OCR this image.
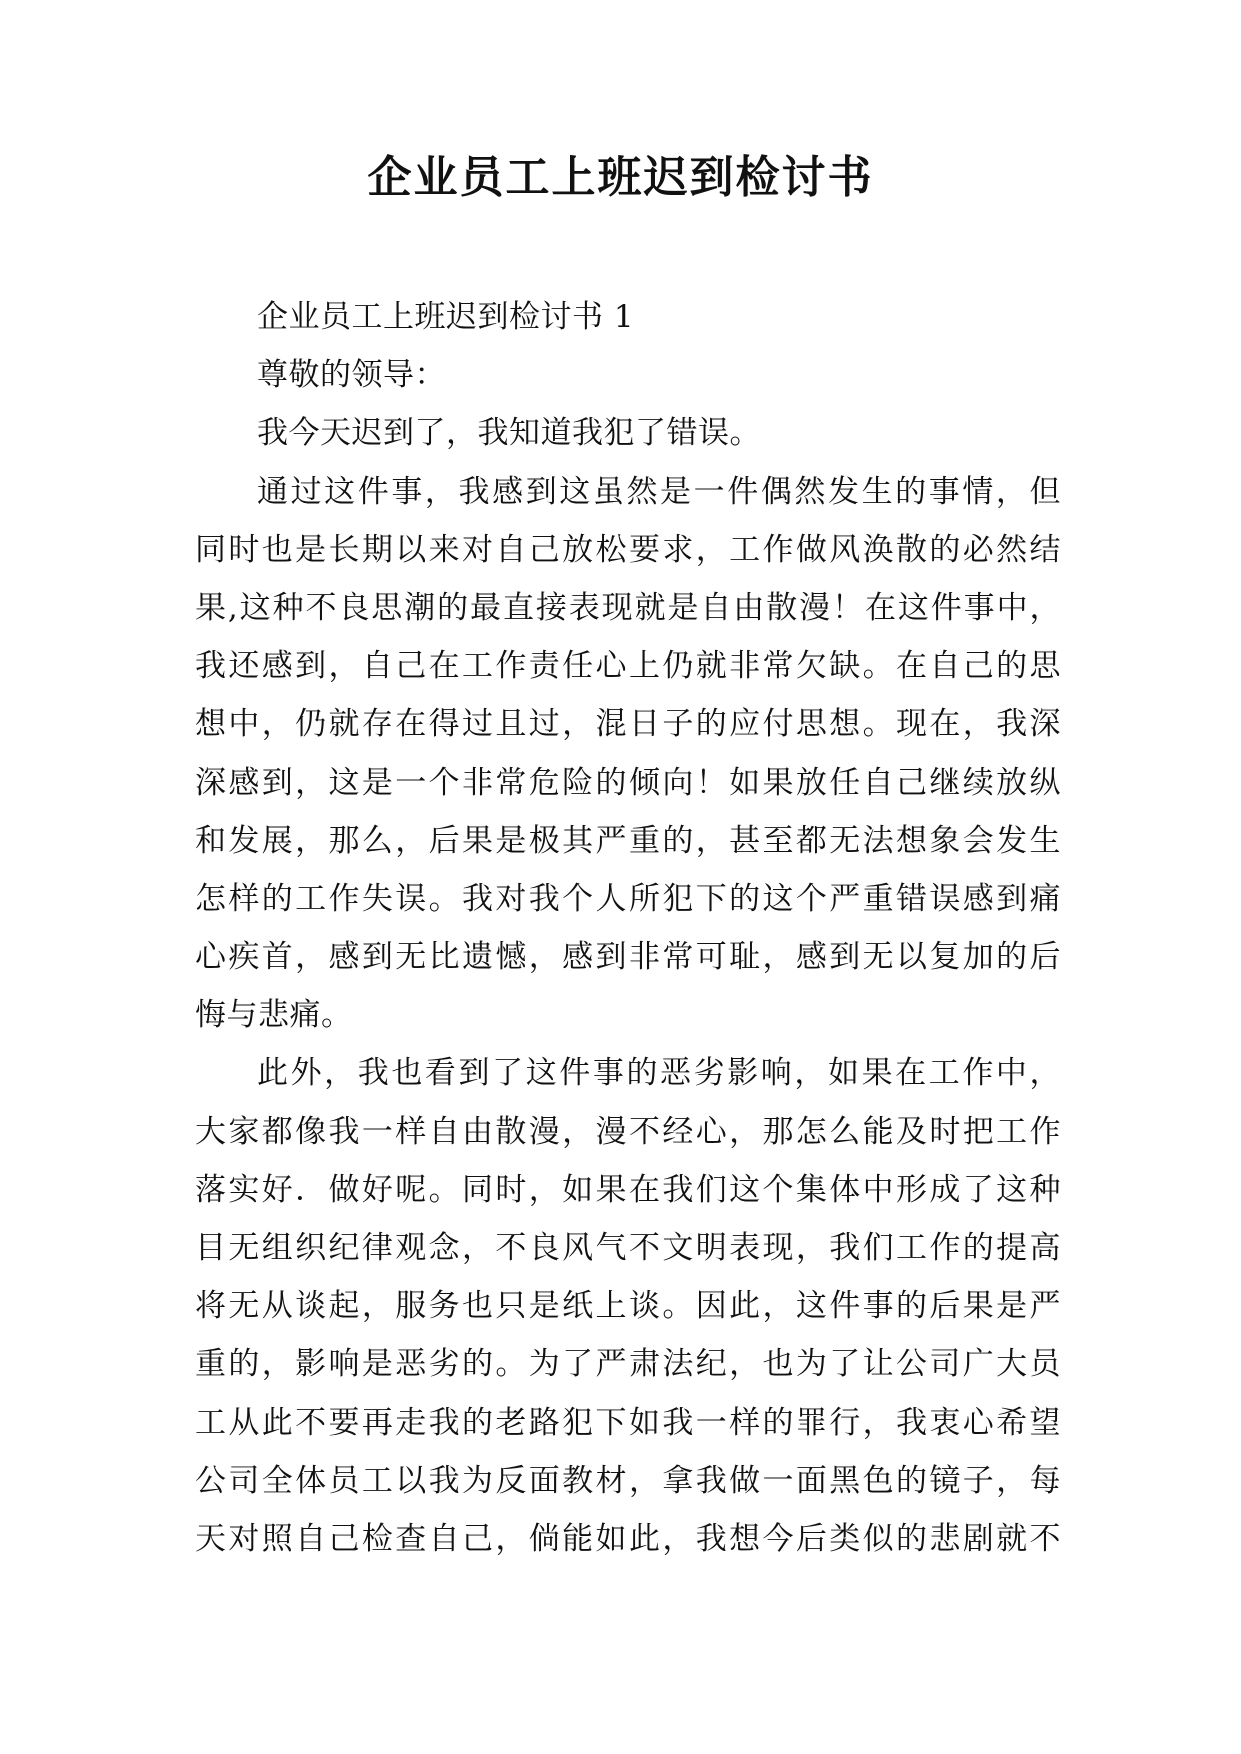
企业员工上班迟到检讨书
企业员工上班迟到检讨书 1
尊敬的领导：
我今天迟到了，我知道我犯了错误。
通过这件事，我感到这虽然是一件偶然发生的事情，但
同时也是长期以来对自己放松要求，工作做风涣散的必然结
果,这种不良思潮的最直接表现就是自由散漫！在这件事中，
我还感到，自己在工作责任心上仍就非常欠缺。在自己的思
想中，仍就存在得过且过，混日子的应付思想。现在，我深
深感到，这是一个非常危险的倾向！如果放任自己继续放纵
和发展，那么，后果是极其严重的，甚至都无法想象会发生
怎样的工作失误。我对我个人所犯下的这个严重错误感到痛
心疾首，感到无比遗憾，感到非常可耻，感到无以复加的后
悔与悲痛。
此外，我也看到了这件事的恶劣影响，如果在工作中，
大家都像我一样自由散漫，漫不经心，那怎么能及时把工作
落实好．做好呢。同时，如果在我们这个集体中形成了这种
目无组织纪律观念，不良风气不文明表现，我们工作的提高
将无从谈起，服务也只是纸上谈。因此，这件事的后果是严
重的，影响是恶劣的。为了严肃法纪，也为了让公司广大员
工从此不要再走我的老路犯下如我一样的罪行，我衷心希望
公司全体员工以我为反面教材，拿我做一面黑色的镜子，每
天对照自己检查自己，倘能如此，我想今后类似的悲剧就不
